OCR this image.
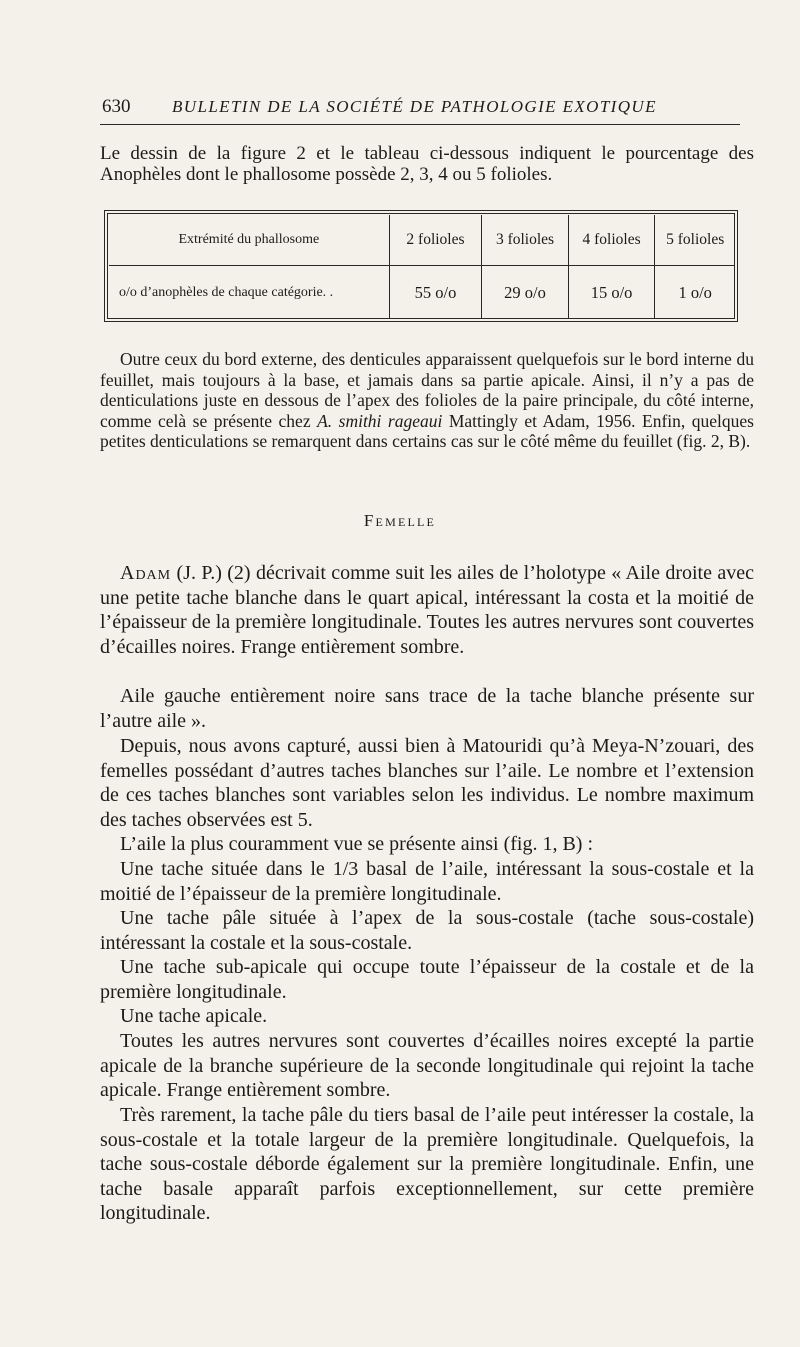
630 BULLETIN DE LA SOCIÉTÉ DE PATHOLOGIE EXOTIQUE

Le dessin de la figure 2 et le tableau ci-dessous indiquent le pourcentage des Anophèles dont le phallosome possède 2, 3, 4 ou 5 folioles.

Extrémité du phallosome	2 folioles	3 folioles	4 folioles	5 folioles
o/o d’anophèles de chaque catégorie. .	55 o/o	29 o/o	15 o/o	1 o/o

Outre ceux du bord externe, des denticules apparaissent quelquefois sur le bord interne du feuillet, mais toujours à la base, et jamais dans sa partie apicale. Ainsi, il n’y a pas de denticulations juste en dessous de l’apex des folioles de la paire principale, du côté interne, comme celà se présente chez A. smithi rageaui Mattingly et Adam, 1956. Enfin, quelques petites denticulations se remarquent dans certains cas sur le côté même du feuillet (fig. 2, B).

Femelle

Adam (J. P.) (2) décrivait comme suit les ailes de l’holotype « Aile droite avec une petite tache blanche dans le quart apical, intéressant la costa et la moitié de l’épaisseur de la première longitudinale. Toutes les autres nervures sont couvertes d’écailles noires. Frange entièrement sombre.

Aile gauche entièrement noire sans trace de la tache blanche présente sur l’autre aile ».

Depuis, nous avons capturé, aussi bien à Matouridi qu’à Meya-N’zouari, des femelles possédant d’autres taches blanches sur l’aile. Le nombre et l’extension de ces taches blanches sont variables selon les individus. Le nombre maximum des taches observées est 5.

L’aile la plus couramment vue se présente ainsi (fig. 1, B) :

Une tache située dans le 1/3 basal de l’aile, intéressant la sous-costale et la moitié de l’épaisseur de la première longitudinale.

Une tache pâle située à l’apex de la sous-costale (tache sous-costale) intéressant la costale et la sous-costale.

Une tache sub-apicale qui occupe toute l’épaisseur de la costale et de la première longitudinale.

Une tache apicale.

Toutes les autres nervures sont couvertes d’écailles noires excepté la partie apicale de la branche supérieure de la seconde longitudinale qui rejoint la tache apicale. Frange entièrement sombre.

Très rarement, la tache pâle du tiers basal de l’aile peut intéresser la costale, la sous-costale et la totale largeur de la première longitudinale. Quelquefois, la tache sous-costale déborde également sur la première longitudinale. Enfin, une tache basale apparaît parfois exceptionnellement, sur cette première longitudinale.
